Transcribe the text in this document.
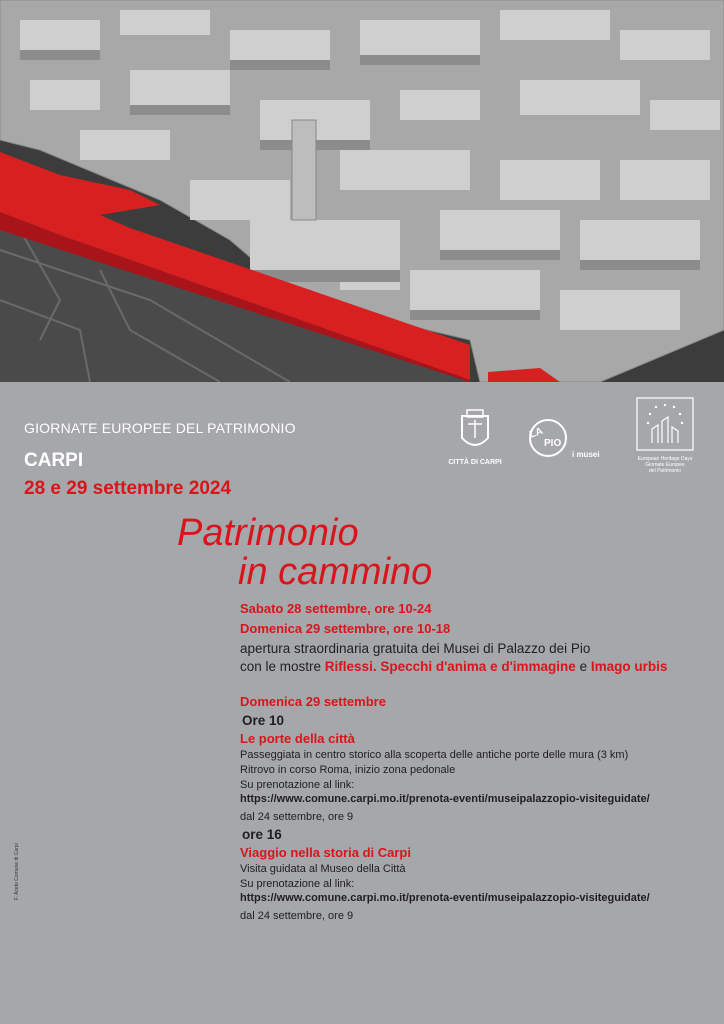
CITTÀ DI CARPI
LA
PIO
i musei	European Heritage Days
Giornate Europee
del Patrimonio
GIORNATE EUROPEE DEL PATRIMONIO
CARPI
28 e 29 settembre 2024
Patrimonio
in cammino
Sabato 28 settembre, ore 10-24
Domenica 29 settembre, ore 10-18
apertura straordinaria gratuita dei Musei di Palazzo dei Pio
con le mostre Riflessi. Specchi d'anima e d'immagine e Imago urbis
Domenica 29 settembre
Ore 10
Le porte della città
Passeggiata in centro storico alla scoperta delle antiche porte delle mura (3 km)
Ritrovo in corso Roma, inizio zona pedonale
Su prenotazione al link:
https://www.comune.carpi.mo.it/prenota-eventi/museipalazzopio-visiteguidate/
dal 24 settembre, ore 9
ore 16
Viaggio nella storia di Carpi
Visita guidata al Museo della Città
Su prenotazione al link:
https://www.comune.carpi.mo.it/prenota-eventi/museipalazzopio-visiteguidate/
dal 24 settembre, ore 9
F. Aceto Comune di Carpi
